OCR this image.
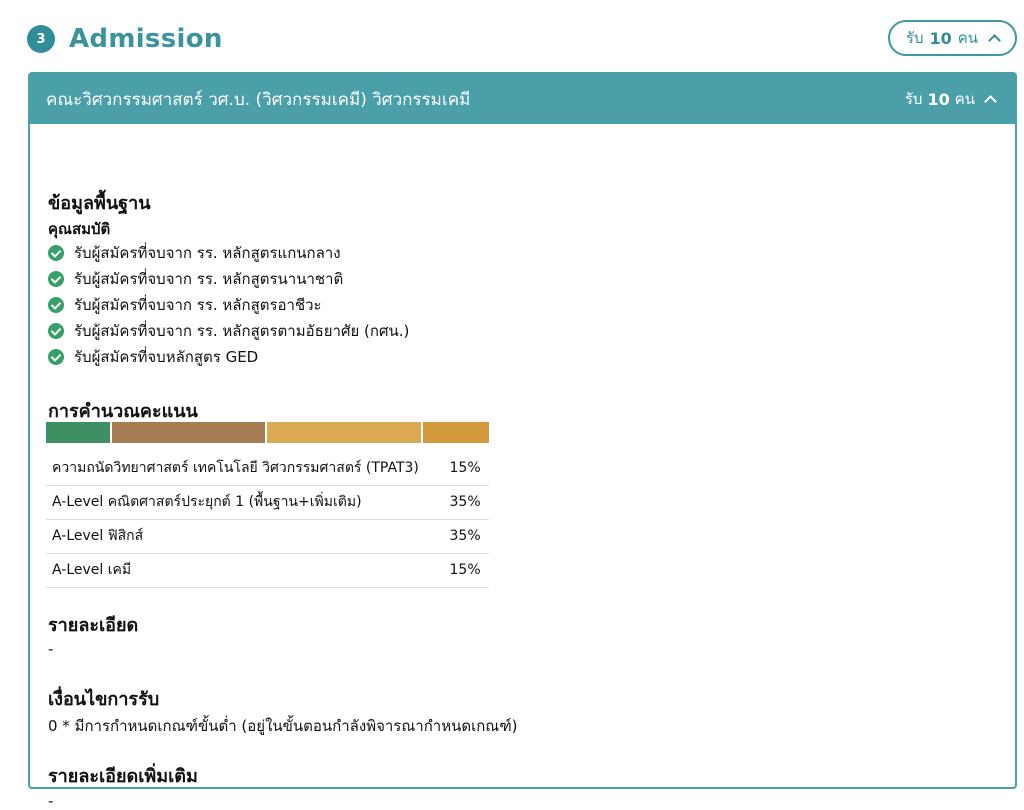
3 Admission	รับ 10 คน
คณะวิศวกรรมศาสตร์ วศ.บ. (วิศวกรรมเคมี) วิศวกรรมเคมี	รับ 10 คน
ข้อมูลพื้นฐาน
คุณสมบัติ
รับผู้สมัครที่จบจาก รร. หลักสูตรแกนกลาง
รับผู้สมัครที่จบจาก รร. หลักสูตรนานาชาติ
รับผู้สมัครที่จบจาก รร. หลักสูตรอาชีวะ
รับผู้สมัครที่จบจาก รร. หลักสูตรตามอัธยาศัย (กศน.)
รับผู้สมัครที่จบหลักสูตร GED
การคำนวณคะแนน
ความถนัดวิทยาศาสตร์ เทคโนโลยี วิศวกรรมศาสตร์ (TPAT3)	15%
A-Level คณิตศาสตร์ประยุกต์ 1 (พื้นฐาน+เพิ่มเติม)	35%
A-Level ฟิสิกส์	35%
A-Level เคมี	15%
รายละเอียด
-
เงื่อนไขการรับ
0 * มีการกำหนดเกณฑ์ขั้นต่ำ (อยู่ในขั้นตอนกำลังพิจารณากำหนดเกณฑ์)
รายละเอียดเพิ่มเติม
-
